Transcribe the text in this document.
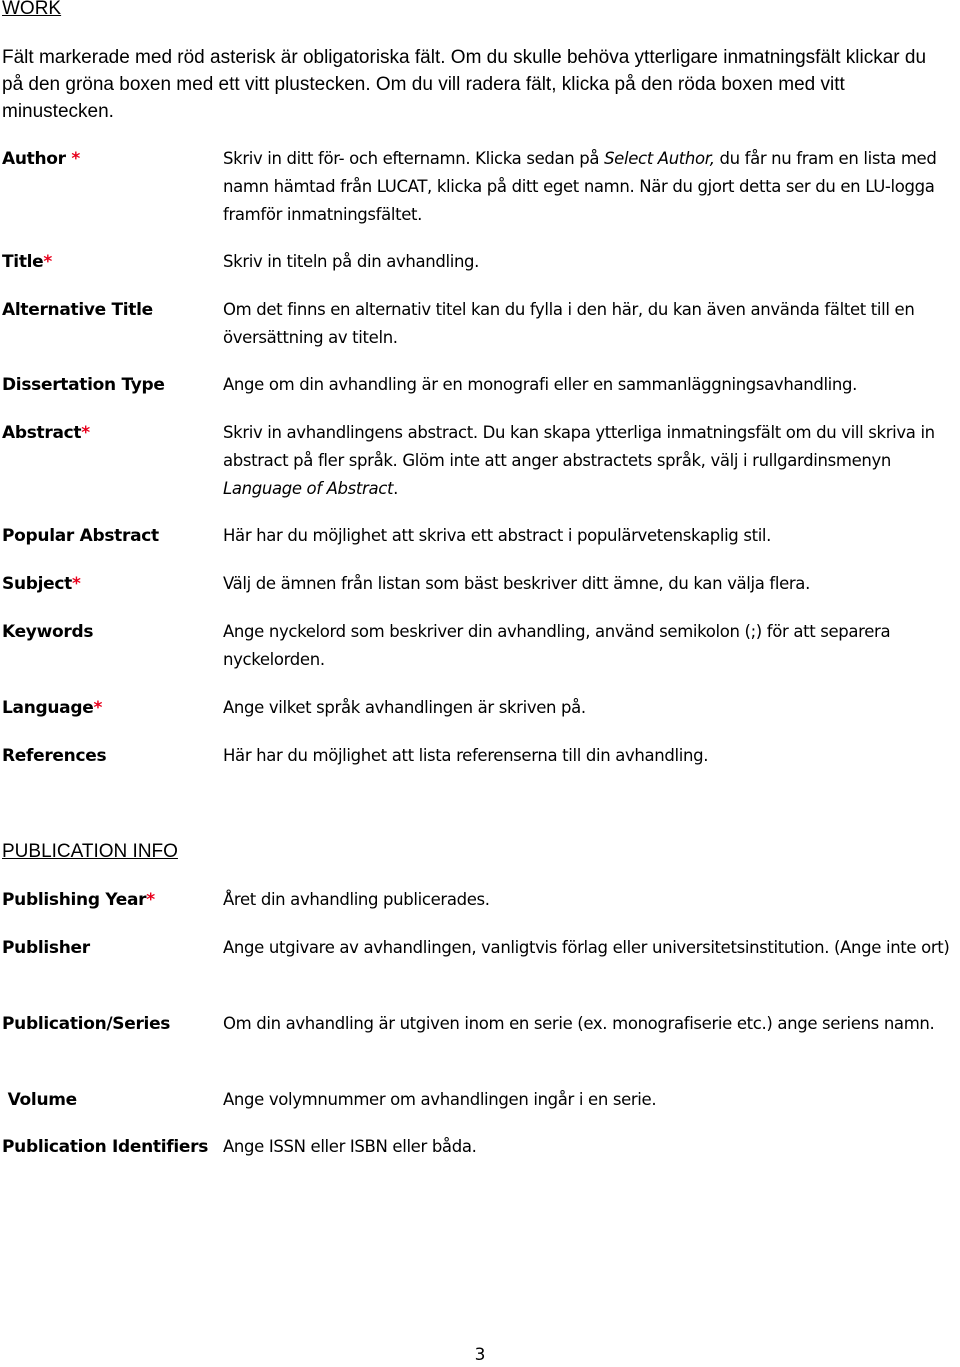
WORK
Fält markerade med röd asterisk är obligatoriska fält. Om du skulle behöva ytterligare inmatningsfält klickar du på den gröna boxen med ett vitt plustecken. Om du vill radera fält, klicka på den röda boxen med vitt minustecken.
Author *	Skriv in ditt för- och efternamn. Klicka sedan på Select Author, du får nu fram en lista med namn hämtad från LUCAT, klicka på ditt eget namn. När du gjort detta ser du en LU-logga framför inmatningsfältet.
Title*	Skriv in titeln på din avhandling.
Alternative Title	Om det finns en alternativ titel kan du fylla i den här, du kan även använda fältet till en översättning av titeln.
Dissertation Type	Ange om din avhandling är en monografi eller en sammanläggningsavhandling.
Abstract*	Skriv in avhandlingens abstract. Du kan skapa ytterliga inmatningsfält om du vill skriva in abstract på fler språk. Glöm inte att anger abstractets språk, välj i rullgardinsmenyn Language of Abstract.
Popular Abstract	Här har du möjlighet att skriva ett abstract i populärvetenskaplig stil.
Subject*	Välj de ämnen från listan som bäst beskriver ditt ämne, du kan välja flera.
Keywords	Ange nyckelord som beskriver din avhandling, använd semikolon (;) för att separera nyckelorden.
Language*	Ange vilket språk avhandlingen är skriven på.
References	Här har du möjlighet att lista referenserna till din avhandling.
PUBLICATION INFO
Publishing Year*	Året din avhandling publicerades.
Publisher	Ange utgivare av avhandlingen, vanligtvis förlag eller universitetsinstitution. (Ange inte ort)
Publication/Series	Om din avhandling är utgiven inom en serie (ex. monografiserie etc.) ange seriens namn.
Volume	Ange volymnummer om avhandlingen ingår i en serie.
Publication Identifiers Ange ISSN eller ISBN eller båda.
3
